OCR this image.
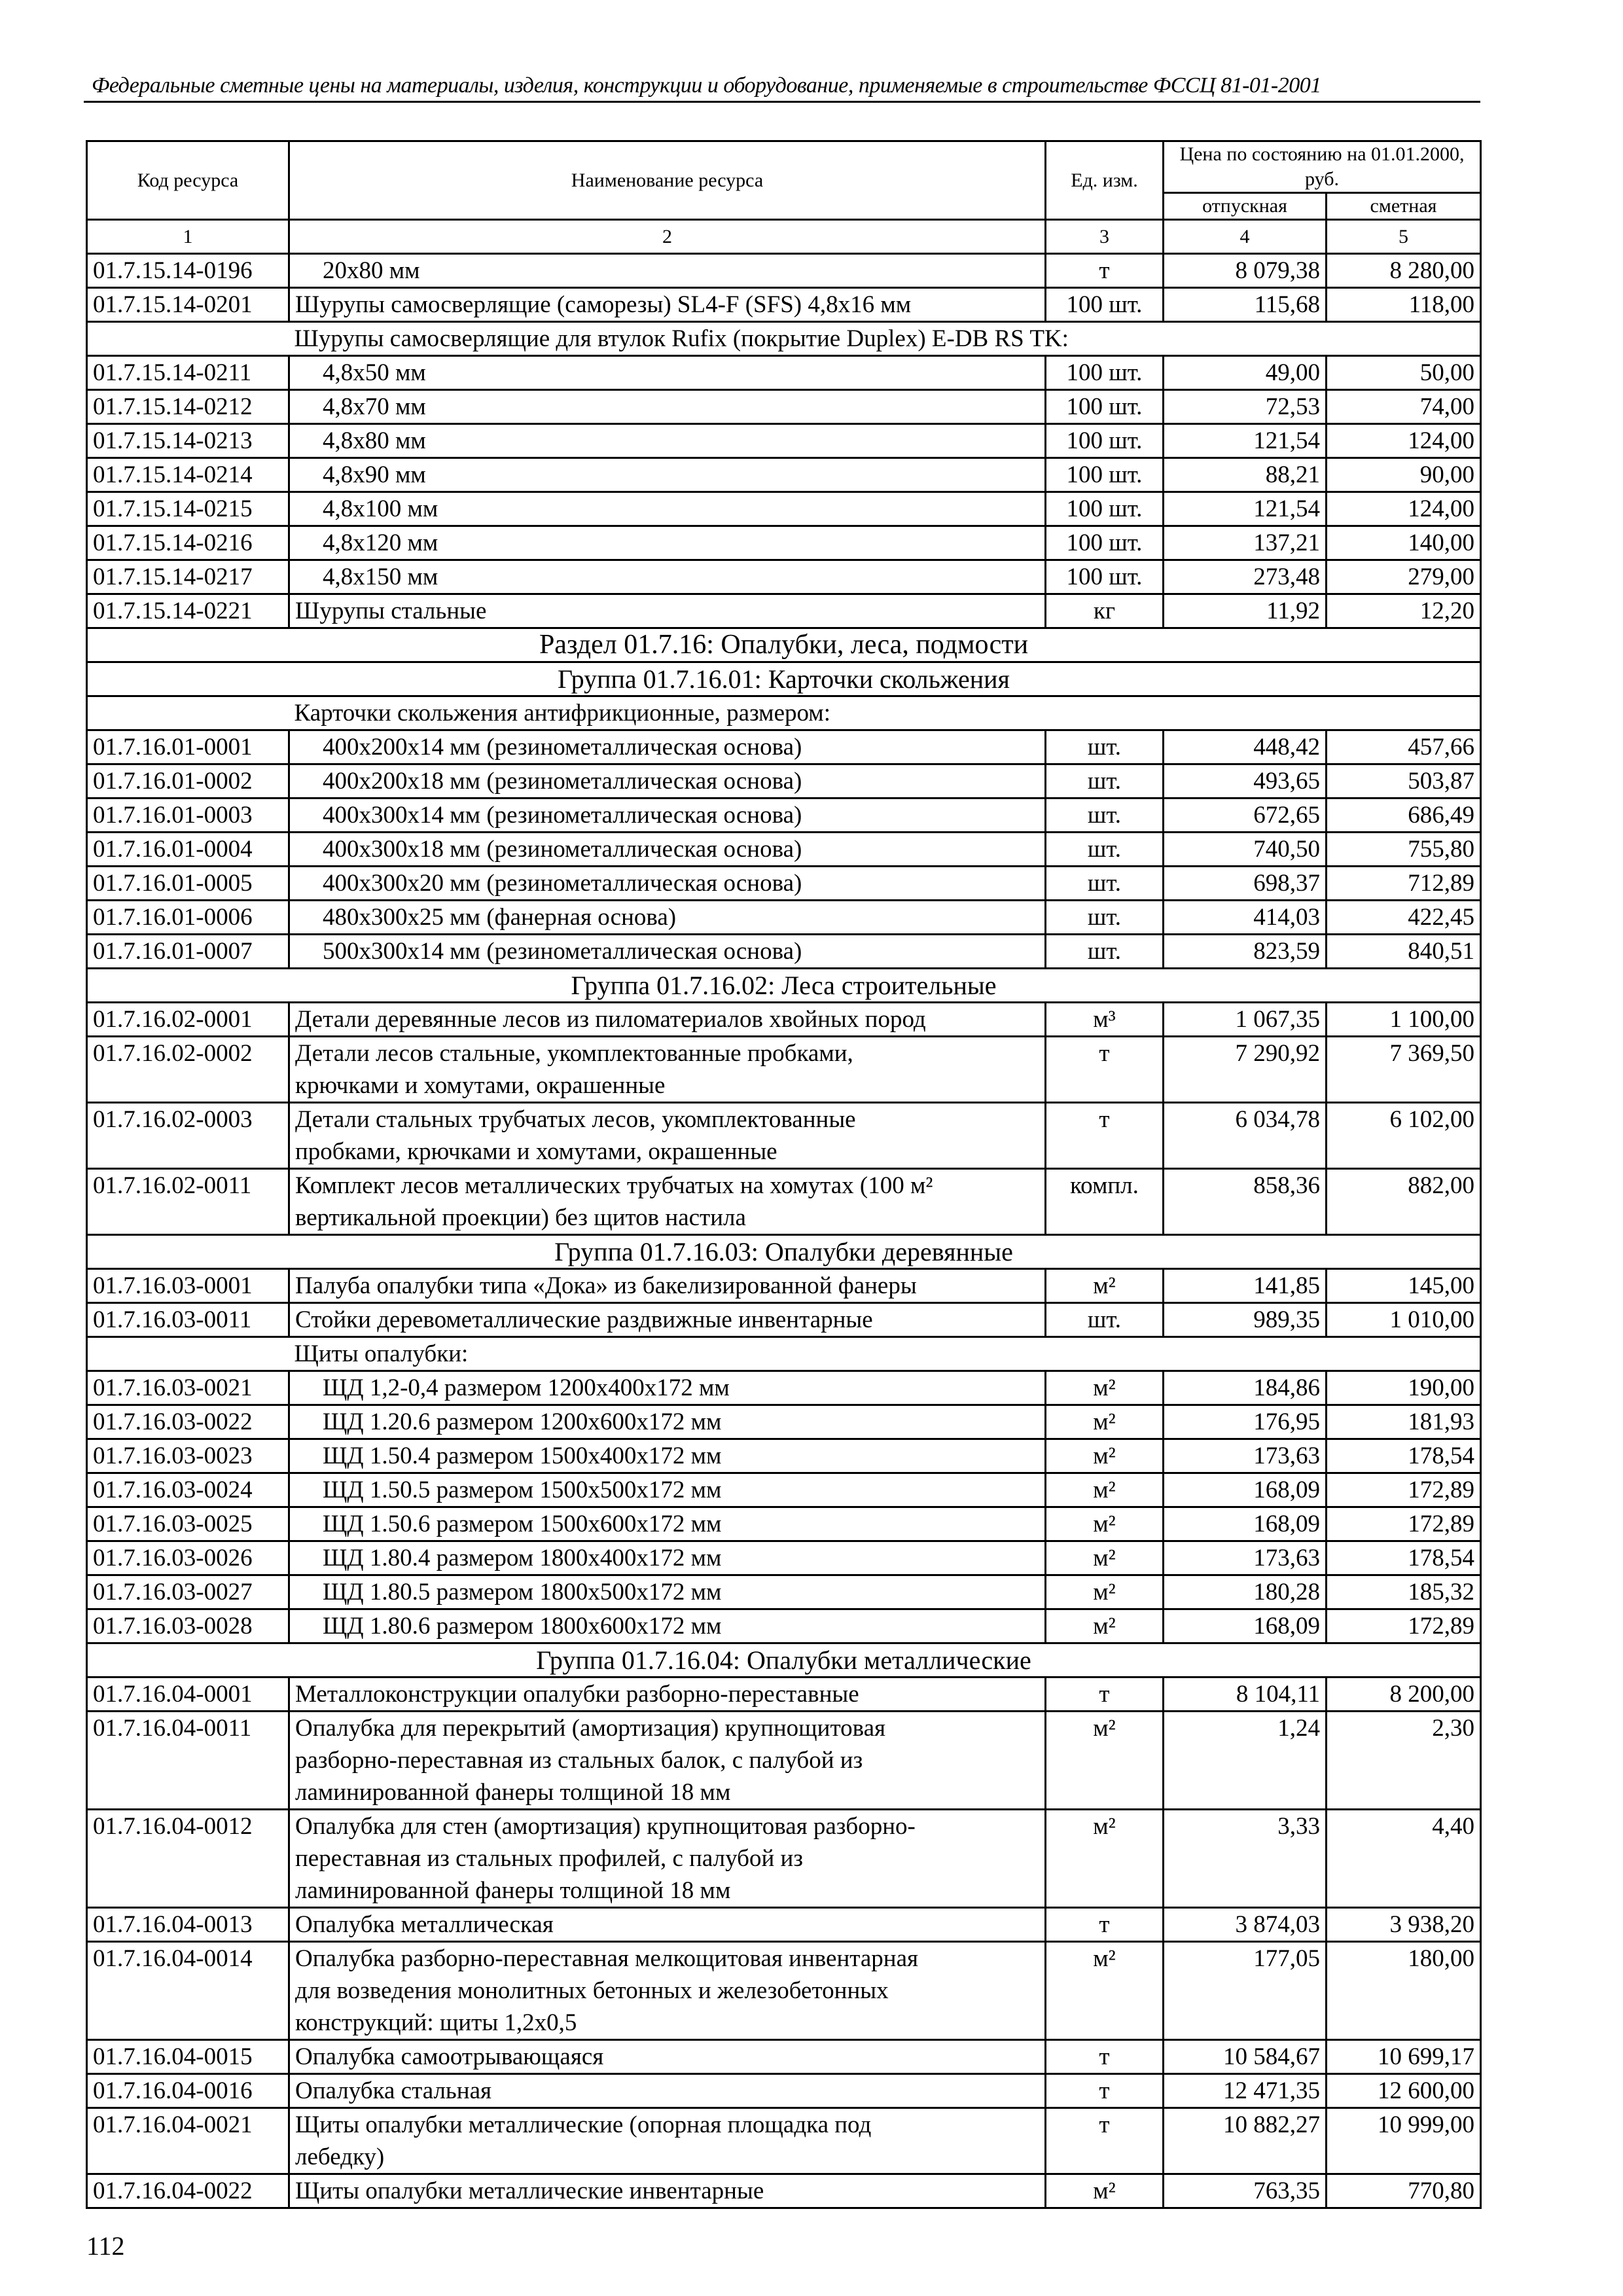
Федеральные сметные цены на материалы, изделия, конструкции и оборудование, применяемые в строительстве ФССЦ 81-01-2001
Код ресурса	Наименование ресурса	Ед. изм.	Цена по состоянию на 01.01.2000, руб.	
			отпускная	сметная
1	2	3	4	5
01.7.15.14-0196	20x80 мм	т	8 079,38	8 280,00
01.7.15.14-0201	Шурупы самосверлящие (саморезы) SL4-F (SFS) 4,8x16 мм	100 шт.	115,68	118,00
	Шурупы самосверлящие для втулок Rufix (покрытие Duplex) E-DB RS TK:			
01.7.15.14-0211	4,8x50 мм	100 шт.	49,00	50,00
01.7.15.14-0212	4,8x70 мм	100 шт.	72,53	74,00
01.7.15.14-0213	4,8x80 мм	100 шт.	121,54	124,00
01.7.15.14-0214	4,8x90 мм	100 шт.	88,21	90,00
01.7.15.14-0215	4,8x100 мм	100 шт.	121,54	124,00
01.7.15.14-0216	4,8x120 мм	100 шт.	137,21	140,00
01.7.15.14-0217	4,8x150 мм	100 шт.	273,48	279,00
01.7.15.14-0221	Шурупы стальные	кг	11,92	12,20
Раздел 01.7.16: Опалубки, леса, подмости				
Группа 01.7.16.01: Карточки скольжения				
	Карточки скольжения антифрикционные, размером:			
01.7.16.01-0001	400x200x14 мм (резинометаллическая основа)	шт.	448,42	457,66
01.7.16.01-0002	400x200x18 мм (резинометаллическая основа)	шт.	493,65	503,87
01.7.16.01-0003	400x300x14 мм (резинометаллическая основа)	шт.	672,65	686,49
01.7.16.01-0004	400x300x18 мм (резинометаллическая основа)	шт.	740,50	755,80
01.7.16.01-0005	400x300x20 мм (резинометаллическая основа)	шт.	698,37	712,89
01.7.16.01-0006	480x300x25 мм (фанерная основа)	шт.	414,03	422,45
01.7.16.01-0007	500x300x14 мм (резинометаллическая основа)	шт.	823,59	840,51
Группа 01.7.16.02: Леса строительные				
01.7.16.02-0001	Детали деревянные лесов из пиломатериалов хвойных пород	м³	1 067,35	1 100,00
01.7.16.02-0002	Детали лесов стальные, укомплектованные пробками,
крючками и хомутами, окрашенные	т	7 290,92	7 369,50
01.7.16.02-0003	Детали стальных трубчатых лесов, укомплектованные
пробками, крючками и хомутами, окрашенные	т	6 034,78	6 102,00
01.7.16.02-0011	Комплект лесов металлических трубчатых на хомутах (100 м²
вертикальной проекции) без щитов настила	компл.	858,36	882,00
Группа 01.7.16.03: Опалубки деревянные				
01.7.16.03-0001	Палуба опалубки типа «Дока» из бакелизированной фанеры	м²	141,85	145,00
01.7.16.03-0011	Стойки деревометаллические раздвижные инвентарные	шт.	989,35	1 010,00
	Щиты опалубки:			
01.7.16.03-0021	ЩД 1,2-0,4 размером 1200x400x172 мм	м²	184,86	190,00
01.7.16.03-0022	ЩД 1.20.6 размером 1200x600x172 мм	м²	176,95	181,93
01.7.16.03-0023	ЩД 1.50.4 размером 1500x400x172 мм	м²	173,63	178,54
01.7.16.03-0024	ЩД 1.50.5 размером 1500x500x172 мм	м²	168,09	172,89
01.7.16.03-0025	ЩД 1.50.6 размером 1500x600x172 мм	м²	168,09	172,89
01.7.16.03-0026	ЩД 1.80.4 размером 1800x400x172 мм	м²	173,63	178,54
01.7.16.03-0027	ЩД 1.80.5 размером 1800x500x172 мм	м²	180,28	185,32
01.7.16.03-0028	ЩД 1.80.6 размером 1800x600x172 мм	м²	168,09	172,89
Группа 01.7.16.04: Опалубки металлические				
01.7.16.04-0001	Металлоконструкции опалубки разборно-переставные	т	8 104,11	8 200,00
01.7.16.04-0011	Опалубка для перекрытий (амортизация) крупнощитовая
разборно-переставная из стальных балок, с палубой из
ламинированной фанеры толщиной 18 мм	м²	1,24	2,30
01.7.16.04-0012	Опалубка для стен (амортизация) крупнощитовая разборно-
переставная из стальных профилей, с палубой из
ламинированной фанеры толщиной 18 мм	м²	3,33	4,40
01.7.16.04-0013	Опалубка металлическая	т	3 874,03	3 938,20
01.7.16.04-0014	Опалубка разборно-переставная мелкощитовая инвентарная
для возведения монолитных бетонных и железобетонных
конструкций: щиты 1,2x0,5	м²	177,05	180,00
01.7.16.04-0015	Опалубка самоотрывающаяся	т	10 584,67	10 699,17
01.7.16.04-0016	Опалубка стальная	т	12 471,35	12 600,00
01.7.16.04-0021	Щиты опалубки металлические (опорная площадка под
лебедку)	т	10 882,27	10 999,00
01.7.16.04-0022	Щиты опалубки металлические инвентарные	м²	763,35	770,80
112
